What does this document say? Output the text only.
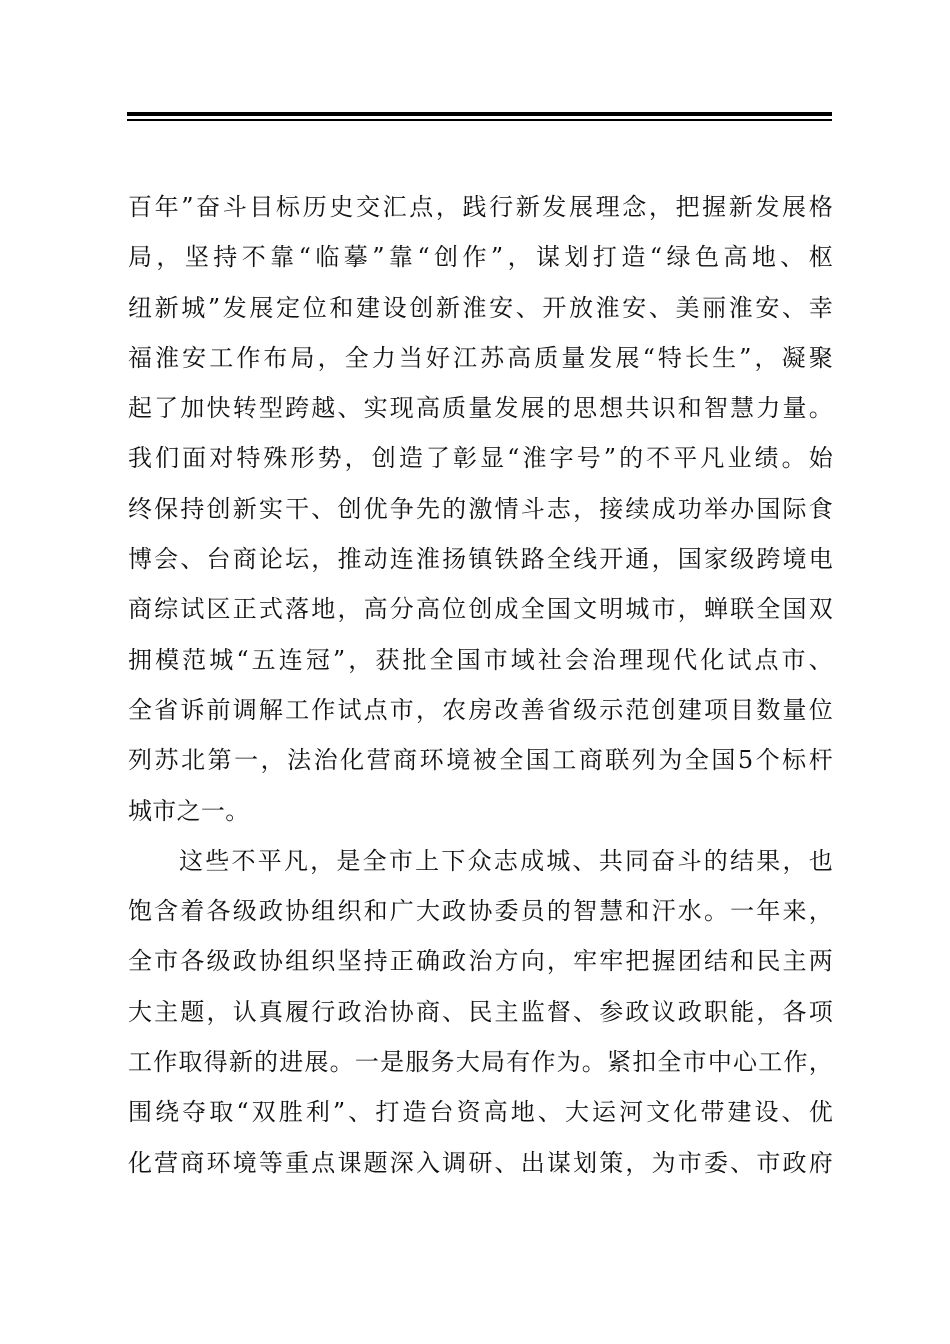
百年”奋斗目标历史交汇点，践行新发展理念，把握新发展格
局，坚持不靠“临摹”靠“创作”，谋划打造“绿色高地、枢
纽新城”发展定位和建设创新淮安、开放淮安、美丽淮安、幸
福淮安工作布局，全力当好江苏高质量发展“特长生”，凝聚
起了加快转型跨越、实现高质量发展的思想共识和智慧力量。
我们面对特殊形势，创造了彰显“淮字号”的不平凡业绩。始
终保持创新实干、创优争先的激情斗志，接续成功举办国际食
博会、台商论坛，推动连淮扬镇铁路全线开通，国家级跨境电
商综试区正式落地，高分高位创成全国文明城市，蝉联全国双
拥模范城“五连冠”，获批全国市域社会治理现代化试点市、
全省诉前调解工作试点市，农房改善省级示范创建项目数量位
列苏北第一，法治化营商环境被全国工商联列为全国5个标杆
城市之一。
这些不平凡，是全市上下众志成城、共同奋斗的结果，也
饱含着各级政协组织和广大政协委员的智慧和汗水。一年来，
全市各级政协组织坚持正确政治方向，牢牢把握团结和民主两
大主题，认真履行政治协商、民主监督、参政议政职能，各项
工作取得新的进展。一是服务大局有作为。紧扣全市中心工作，
围绕夺取“双胜利”、打造台资高地、大运河文化带建设、优
化营商环境等重点课题深入调研、出谋划策，为市委、市政府
